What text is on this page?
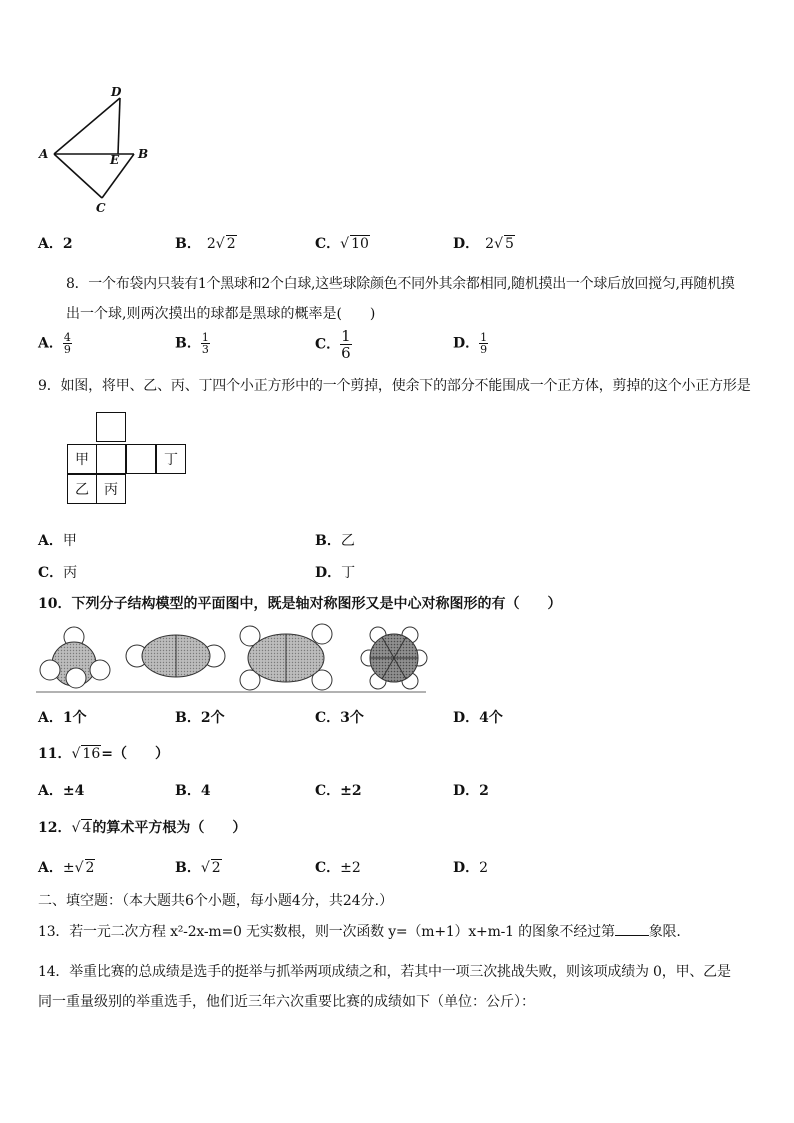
D
A	E B
C
A．2	B． 2√ 2	C．√ 10	D． 2√ 5
8．一个布袋内只装有1个黑球和2个白球,这些球除颜色不同外其余都相同,随机摸出一个球后放回搅匀,再随机摸
出一个球,则两次摸出的球都是黑球的概率是(　　)
A． $\frac{4}{9}$	B． $\frac{1}{3}$	C． $\frac{1}{6}$	D． $\frac{1}{9}$
9．如图，将甲、乙、丙、丁四个小正方形中的一个剪掉，使余下的部分不能围成一个正方体，剪掉的这个小正方形是
甲	丁
乙 丙
A．甲	B．乙
C．丙	D．丁
10．下列分子结构模型的平面图中，既是轴对称图形又是中心对称图形的有（　　）
A．1个	B．2个	C．3个	D．4个
11．√ 16=（　　）
A．±4	B．4	C．±2	D．2
12．√ 4的算术平方根为（　　）
A．±√ 2	B．√ 2	C．±2	D．2
二、填空题：（本大题共6个小题，每小题4分，共24分.）
13．若一元二次方程 x²-2x-m=0 无实数根，则一次函数 y=（m+1）x+m-1 的图象不经过第 象限.
14．举重比赛的总成绩是选手的挺举与抓举两项成绩之和，若其中一项三次挑战失败，则该项成绩为 0，甲、乙是
同一重量级别的举重选手，他们近三年六次重要比赛的成绩如下（单位：公斤）：
